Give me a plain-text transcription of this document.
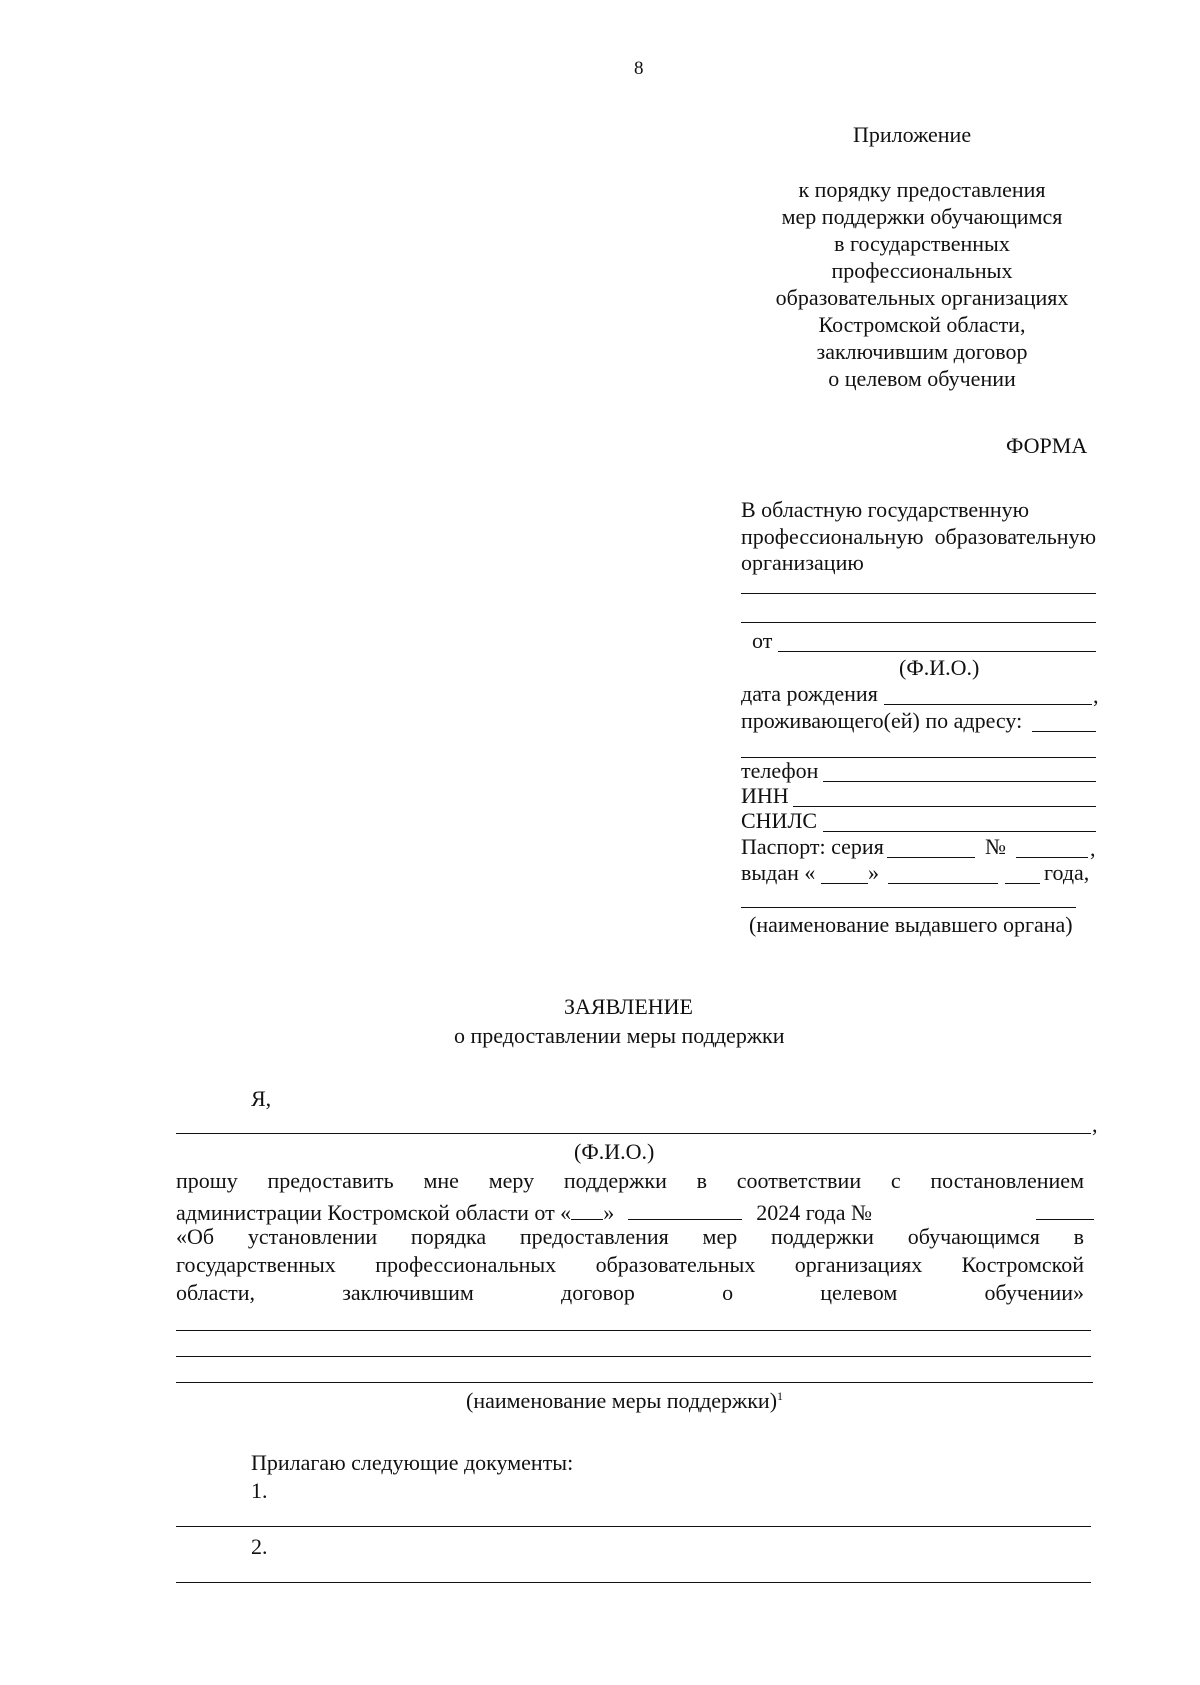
8
Приложение
к порядку предоставления
мер поддержки обучающимся
в государственных
профессиональных
образовательных организациях
Костромской области,
заключившим договор
о целевом обучении
ФОРМА
В областную государственную
профессиональную  образовательную
организацию
от
(Ф.И.О.)
дата рождения	,
проживающего(ей) по адресу:
телефон
ИНН
СНИЛС
Паспорт: серия	№	,
выдан « »	года,
(наименование выдавшего органа)
ЗАЯВЛЕНИЕ
о предоставлении меры поддержки
Я,
,
(Ф.И.О.)
прошу предоставить мне меру поддержки в соответствии с постановлением
администрации Костромской области от « »	2024 года №
«Об установлении порядка предоставления мер поддержки обучающимся в
государственных профессиональных образовательных организациях Костромской
области, заключившим договор о целевом обучении»
(наименование меры поддержки)$^1$
Прилагаю следующие документы:
1.
2.
